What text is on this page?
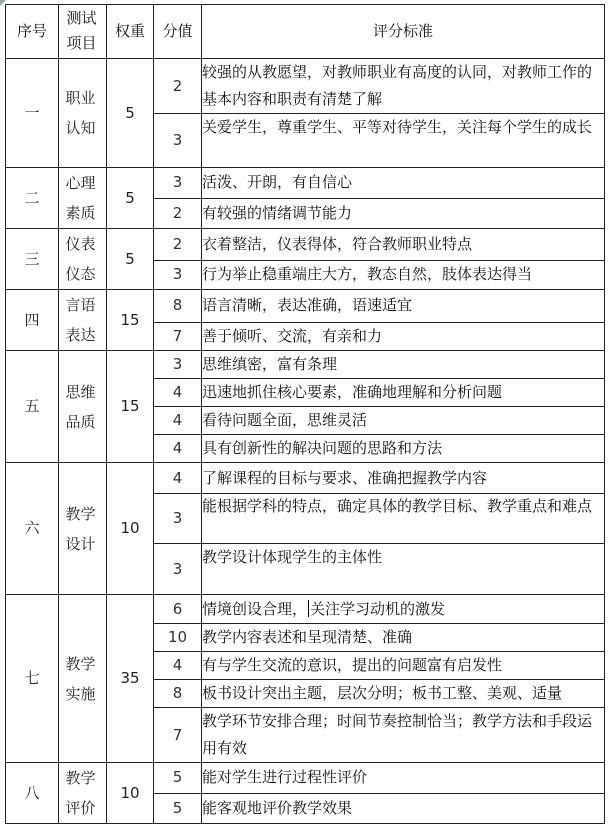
序号	测试项目	权重	分值	评分标准
一	职业认知	5	2	较强的从教愿望，对教师职业有高度的认同，对教师工作的基本内容和职责有清楚了解
			3	关爱学生，尊重学生、平等对待学生，关注每个学生的成长
二	心理素质	5	3	活泼、开朗，有自信心
			2	有较强的情绪调节能力
三	仪表仪态	5	2	衣着整洁，仪表得体，符合教师职业特点
			3	行为举止稳重端庄大方，教态自然，肢体表达得当
四	言语表达	15	8	语言清晰，表达准确，语速适宜
			7	善于倾听、交流，有亲和力
五	思维品质	15	3	思维缜密，富有条理
			4	迅速地抓住核心要素，准确地理解和分析问题
			4	看待问题全面，思维灵活
			4	具有创新性的解决问题的思路和方法
六	教学设计	10	4	了解课程的目标与要求、准确把握教学内容
			3	能根据学科的特点，确定具体的教学目标、教学重点和难点
			3	教学设计体现学生的主体性
七	教学实施	35	6	情境创设合理， 关注学习动机的激发
			10	教学内容表述和呈现清楚、准确
			4	有与学生交流的意识，提出的问题富有启发性
			8	板书设计突出主题，层次分明；板书工整、美观、适量
			7	教学环节安排合理；时间节奏控制恰当；教学方法和手段运用有效
八	教学评价	10	5	能对学生进行过程性评价
			5	能客观地评价教学效果
